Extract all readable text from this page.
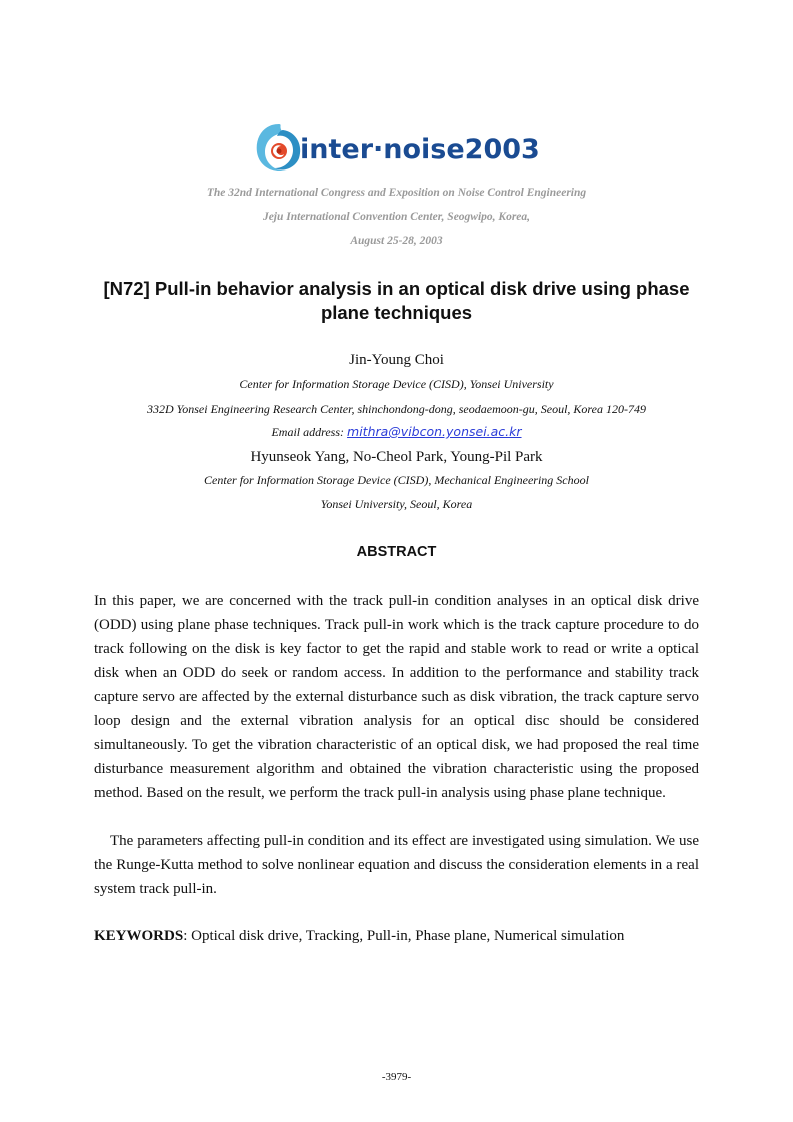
inter·noise2003
The 32nd International Congress and Exposition on Noise Control Engineering
Jeju International Convention Center, Seogwipo, Korea,
August 25-28, 2003
[N72] Pull-in behavior analysis in an optical disk drive using phase plane techniques
Jin-Young Choi
Center for Information Storage Device (CISD), Yonsei University
332D Yonsei Engineering Research Center, shinchondong-dong, seodaemoon-gu, Seoul, Korea 120-749
Email address: mithra@vibcon.yonsei.ac.kr
Hyunseok Yang, No-Cheol Park, Young-Pil Park
Center for Information Storage Device (CISD), Mechanical Engineering School
Yonsei University, Seoul, Korea
ABSTRACT
In this paper, we are concerned with the track pull-in condition analyses in an optical disk drive (ODD) using plane phase techniques. Track pull-in work which is the track capture procedure to do track following on the disk is key factor to get the rapid and stable work to read or write a optical disk when an ODD do seek or random access. In addition to the performance and stability track capture servo are affected by the external disturbance such as disk vibration, the track capture servo loop design and the external vibration analysis for an optical disc should be considered simultaneously. To get the vibration characteristic of an optical disk, we had proposed the real time disturbance measurement algorithm and obtained the vibration characteristic using the proposed method. Based on the result, we perform the track pull-in analysis using phase plane technique.
The parameters affecting pull-in condition and its effect are investigated using simulation. We use the Runge-Kutta method to solve nonlinear equation and discuss the consideration elements in a real system track pull-in.
KEYWORDS: Optical disk drive, Tracking, Pull-in, Phase plane, Numerical simulation
-3979-
